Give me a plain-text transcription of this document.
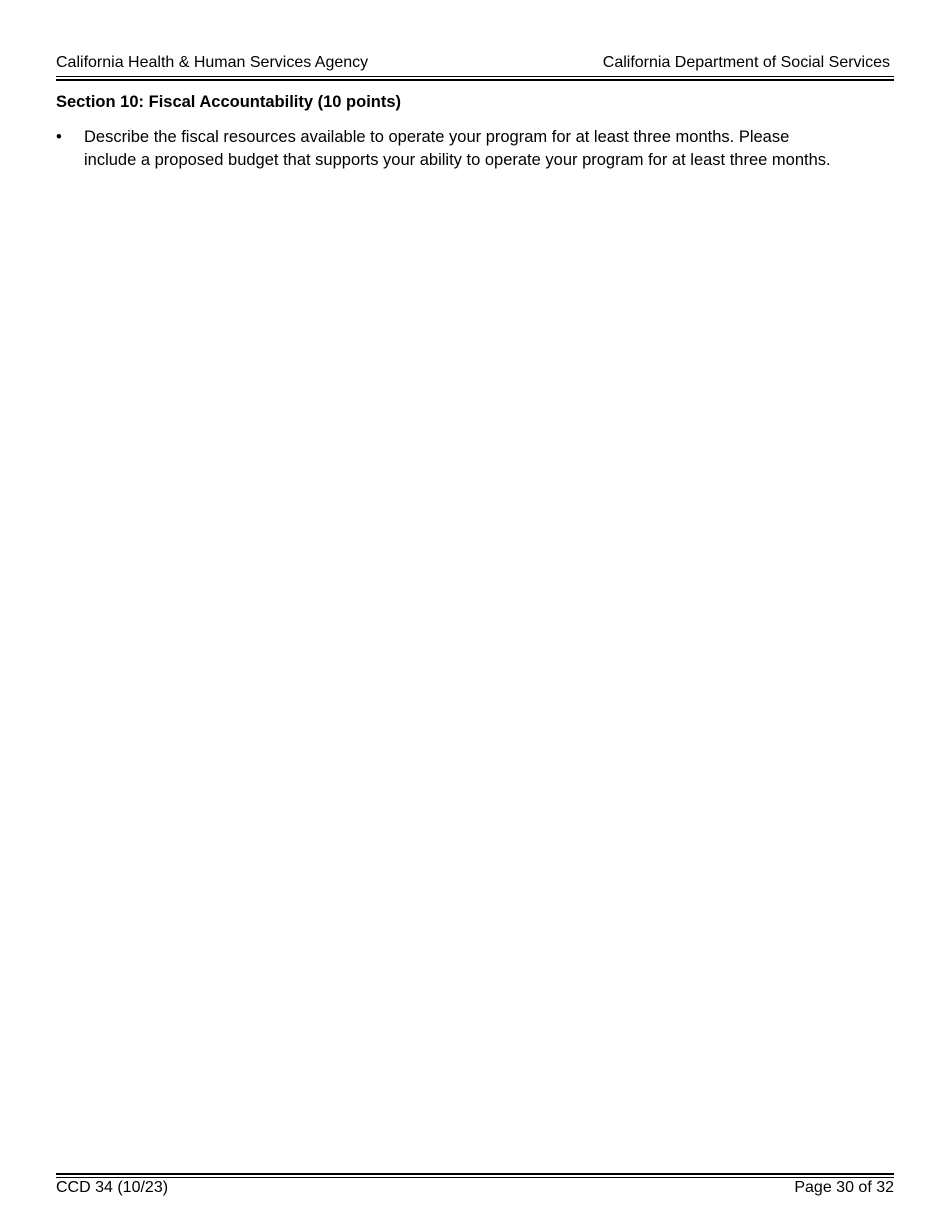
California Health & Human Services Agency	California Department of Social Services
Section 10: Fiscal Accountability (10 points)
• Describe the fiscal resources available to operate your program for at least three months. Please include a proposed budget that supports your ability to operate your program for at least three months.
CCD 34 (10/23)	Page 30 of 32
